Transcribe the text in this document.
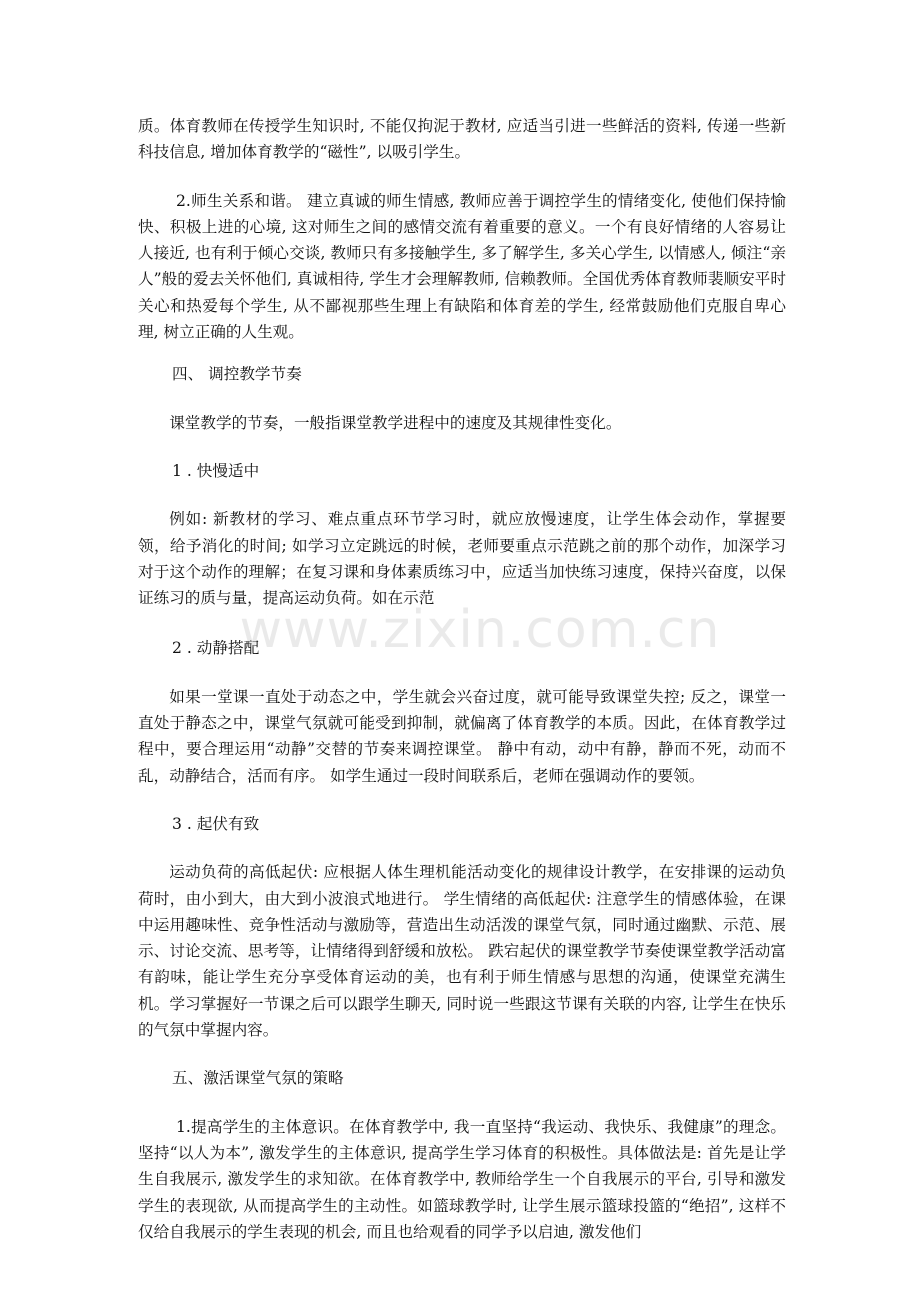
质。体育教师在传授学生知识时, 不能仅拘泥于教材, 应适当引进一些鲜活的资料, 传递一些新科技信息, 增加体育教学的“磁性”, 以吸引学生。

2.师生关系和谐。 建立真诚的师生情感, 教师应善于调控学生的情绪变化, 使他们保持愉快、积极上进的心境, 这对师生之间的感情交流有着重要的意义。一个有良好情绪的人容易让人接近, 也有利于倾心交谈, 教师只有多接触学生, 多了解学生, 多关心学生, 以情感人, 倾注“亲人”般的爱去关怀他们, 真诚相待, 学生才会理解教师, 信赖教师。全国优秀体育教师裴顺安平时关心和热爱每个学生, 从不鄙视那些生理上有缺陷和体育差的学生, 经常鼓励他们克服自卑心理, 树立正确的人生观。

四、 调控教学节奏

课堂教学的节奏，一般指课堂教学进程中的速度及其规律性变化。

1 . 快慢适中

例如: 新教材的学习、难点重点环节学习时，就应放慢速度，让学生体会动作，掌握要领，给予消化的时间; 如学习立定跳远的时候，老师要重点示范跳之前的那个动作，加深学习对于这个动作的理解；在复习课和身体素质练习中，应适当加快练习速度，保持兴奋度，以保证练习的质与量，提高运动负荷。如在示范

2 . 动静搭配

如果一堂课一直处于动态之中，学生就会兴奋过度，就可能导致课堂失控; 反之，课堂一直处于静态之中，课堂气氛就可能受到抑制，就偏离了体育教学的本质。因此，在体育教学过程中，要合理运用“动静”交替的节奏来调控课堂。 静中有动，动中有静，静而不死，动而不乱，动静结合，活而有序。 如学生通过一段时间联系后，老师在强调动作的要领。

3 . 起伏有致

运动负荷的高低起伏: 应根据人体生理机能活动变化的规律设计教学，在安排课的运动负荷时，由小到大，由大到小波浪式地进行。 学生情绪的高低起伏: 注意学生的情感体验，在课中运用趣味性、竞争性活动与激励等，营造出生动活泼的课堂气氛，同时通过幽默、示范、展示、讨论交流、思考等，让情绪得到舒缓和放松。 跌宕起伏的课堂教学节奏使课堂教学活动富有韵味，能让学生充分享受体育运动的美，也有利于师生情感与思想的沟通，使课堂充满生机。学习掌握好一节课之后可以跟学生聊天, 同时说一些跟这节课有关联的内容, 让学生在快乐的气氛中掌握内容。

五、激活课堂气氛的策略

1.提高学生的主体意识。在体育教学中, 我一直坚持“我运动、我快乐、我健康”的理念。坚持“以人为本”, 激发学生的主体意识, 提高学生学习体育的积极性。具体做法是: 首先是让学生自我展示, 激发学生的求知欲。在体育教学中, 教师给学生一个自我展示的平台, 引导和激发学生的表现欲, 从而提高学生的主动性。如篮球教学时, 让学生展示篮球投篮的“绝招”, 这样不仅给自我展示的学生表现的机会, 而且也给观看的同学予以启迪, 激发他们

www.zixin.com.cn
